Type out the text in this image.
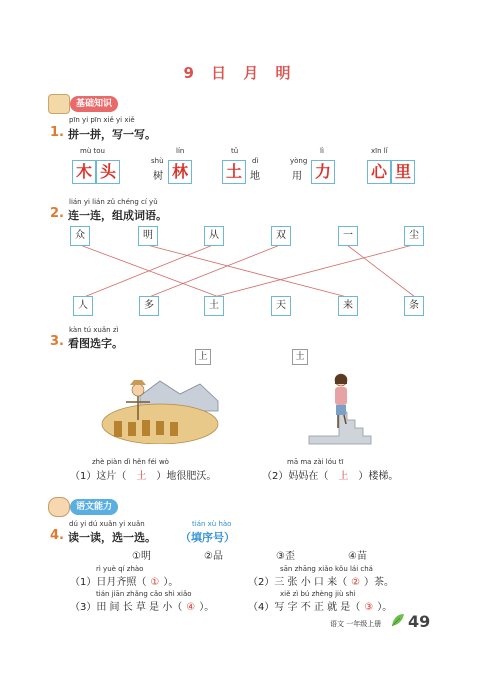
9 日 月 明
基础知识
pīn yi pīn xiě yi xiě
1. 拼一拼，写一写。
mù tou
木 头
lín
shù
树 林
tǔ
土
dì
地
yòng
用
lì
力
xīn lǐ
心 里
lián yi lián zǔ chéng cí yǔ
2. 连一连，组成词语。
众	明	从	双	一	尘
人	多	土	天	来	条
kàn tú xuǎn zì
3. 看图选字。
上	土
zhè piàn dì hěn féi wò
（1）这片（ 土 ）地很肥沃。
mā ma zài lóu tī
（2）妈妈在（ 上 ）楼梯。
语文能力
dú yi dú xuǎn yi xuǎn	tián xù hào
4. 读一读，选一选。 （填序号）
①明	②品	③歪	④苗
rì yuè qí zhào
（1）日月齐照（ ① ）。
sān zhāng xiǎo kǒu lái chá
（2）三 张 小 口 来（ ② ）茶。
tián jiān zhǎng cǎo shì xiǎo
（3）田 间 长 草 是 小（ ④ ）。
xiě zì bú zhèng jiù shì
（4）写 字 不 正 就 是（ ③ ）。
语文 一年级上册 49
